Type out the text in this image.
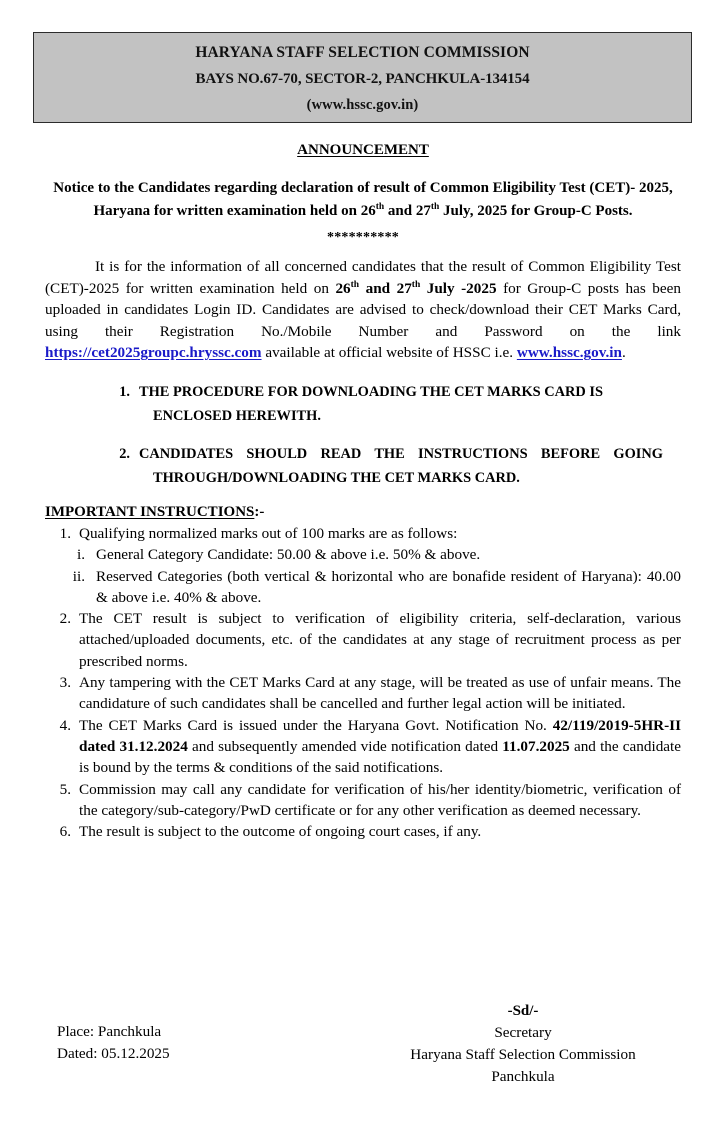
HARYANA STAFF SELECTION COMMISSION
BAYS NO.67-70, SECTOR-2, PANCHKULA-134154
(www.hssc.gov.in)
ANNOUNCEMENT
Notice to the Candidates regarding declaration of result of Common Eligibility Test (CET)- 2025, Haryana for written examination held on 26th and 27th July, 2025 for Group-C Posts.
**********
It is for the information of all concerned candidates that the result of Common Eligibility Test (CET)-2025 for written examination held on 26th and 27th July -2025 for Group-C posts has been uploaded in candidates Login ID. Candidates are advised to check/download their CET Marks Card, using their Registration No./Mobile Number and Password on the link https://cet2025groupc.hryssc.com available at official website of HSSC i.e. www.hssc.gov.in.
1. THE PROCEDURE FOR DOWNLOADING THE CET MARKS CARD IS
ENCLOSED HEREWITH.
2. CANDIDATES SHOULD READ THE INSTRUCTIONS BEFORE GOING
THROUGH/DOWNLOADING THE CET MARKS CARD.
IMPORTANT INSTRUCTIONS:-
1. Qualifying normalized marks out of 100 marks are as follows:
i. General Category Candidate: 50.00 & above i.e. 50% & above.
ii. Reserved Categories (both vertical & horizontal who are bonafide resident of Haryana): 40.00 & above i.e. 40% & above.
2. The CET result is subject to verification of eligibility criteria, self-declaration, various attached/uploaded documents, etc. of the candidates at any stage of recruitment process as per prescribed norms.
3. Any tampering with the CET Marks Card at any stage, will be treated as use of unfair means. The candidature of such candidates shall be cancelled and further legal action will be initiated.
4. The CET Marks Card is issued under the Haryana Govt. Notification No. 42/119/2019-5HR-II dated 31.12.2024 and subsequently amended vide notification dated 11.07.2025 and the candidate is bound by the terms & conditions of the said notifications.
5. Commission may call any candidate for verification of his/her identity/biometric, verification of the category/sub-category/PwD certificate or for any other verification as deemed necessary.
6. The result is subject to the outcome of ongoing court cases, if any.
Place: Panchkula
Dated: 05.12.2025
-Sd/-
Secretary
Haryana Staff Selection Commission
Panchkula
